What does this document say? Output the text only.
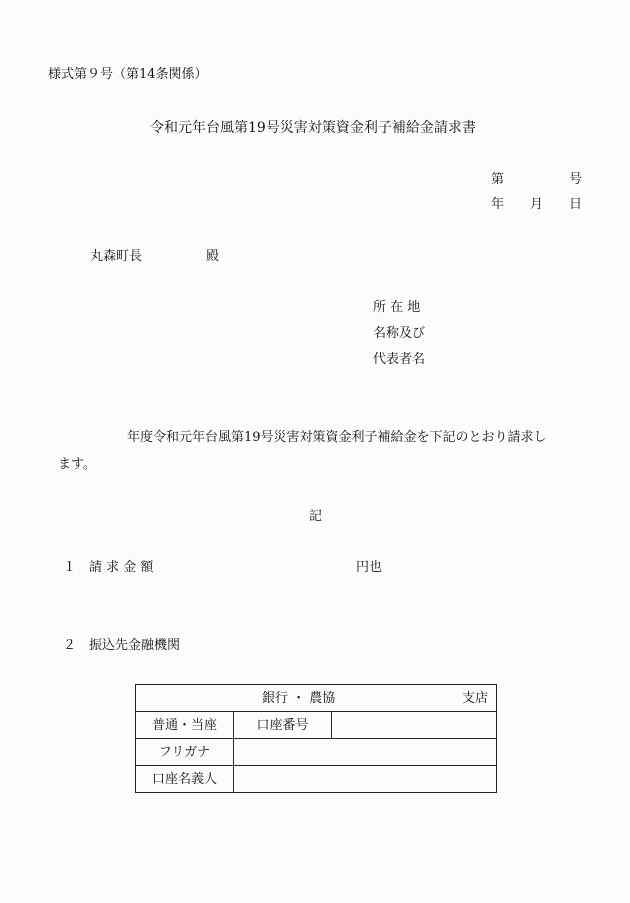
様式第９号（第14条関係）
令和元年台風第19号災害対策資金利子補給金請求書
第	号
年 月 日
丸森町長	殿
所 在 地
名称及び
代表者名
年度令和元年台風第19号災害対策資金利子補給金を下記のとおり請求し
ます。
記
１ 請 求 金 額	円也
２ 振込先金融機関
銀行 ・ 農協 支店		

普通・当座	口座番号	
フリガナ		
口座名義人		
